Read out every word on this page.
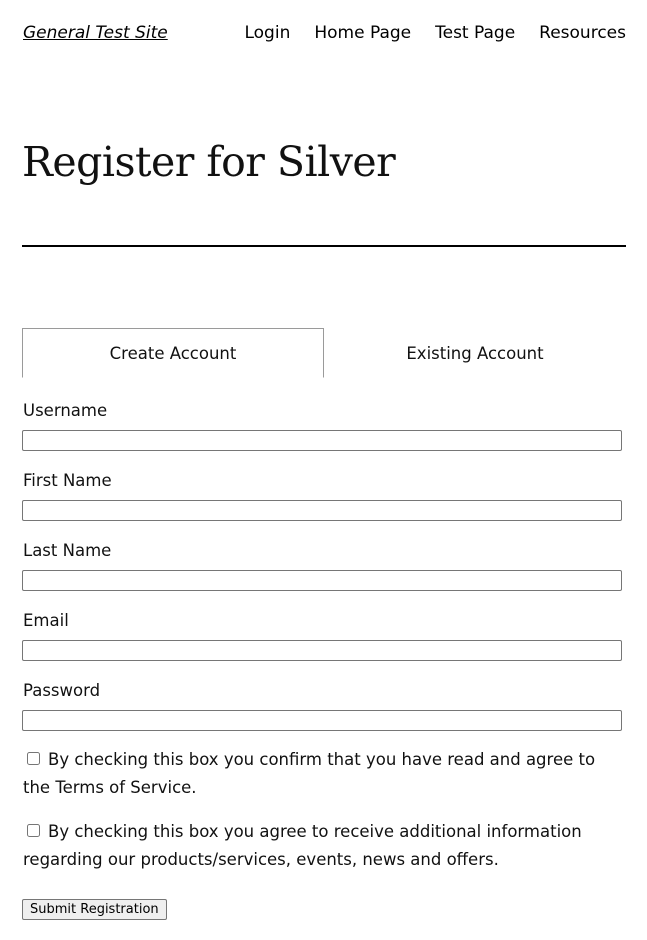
General Test Site	Login Home Page Test Page Resources
Register for Silver
Create Account	Existing Account
Username
First Name
Last Name
Email
Password
By checking this box you confirm that you have read and agree to the Terms of Service.
By checking this box you agree to receive additional information regarding our products/services, events, news and offers.
Submit Registration
